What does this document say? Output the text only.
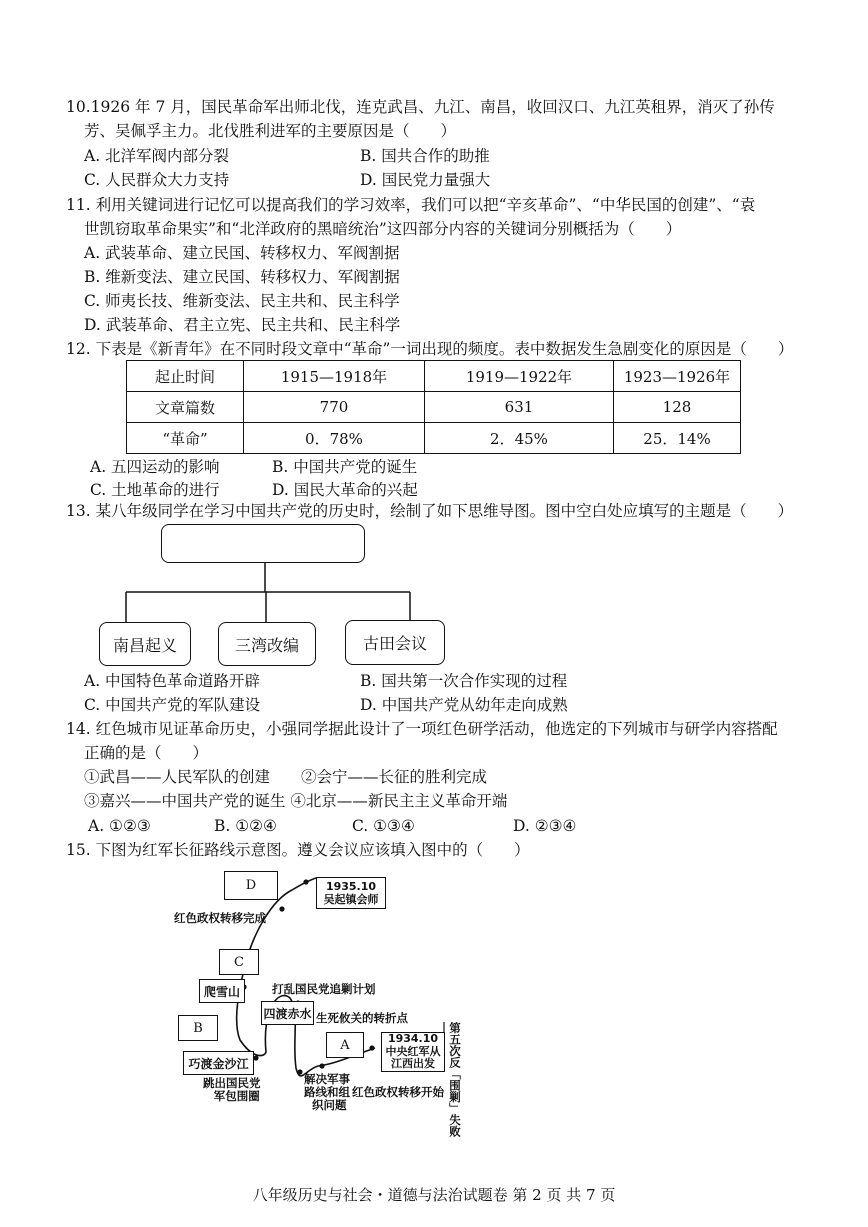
10.1926 年 7 月，国民革命军出师北伐，连克武昌、九江、南昌，收回汉口、九江英租界，消灭了孙传
芳、吴佩孚主力。北伐胜利进军的主要原因是（　　）
A. 北洋军阀内部分裂	B. 国共合作的助推
C. 人民群众大力支持	D. 国民党力量强大
11. 利用关键词进行记忆可以提高我们的学习效率，我们可以把“辛亥革命”、“中华民国的创建”、“袁
世凯窃取革命果实”和“北洋政府的黑暗统治”这四部分内容的关键词分别概括为（　　）
A. 武装革命、建立民国、转移权力、军阀割据
B. 维新变法、建立民国、转移权力、军阀割据
C. 师夷长技、维新变法、民主共和、民主科学
D. 武装革命、君主立宪、民主共和、民主科学
12. 下表是《新青年》在不同时段文章中“革命”一词出现的频度。表中数据发生急剧变化的原因是（　　）
起止时间	1915—1918年	1919—1922年	1923—1926年
文章篇数	770	631	128
“革命”	0．78%	2．45%	25．14%
A. 五四运动的影响	B. 中国共产党的诞生
C. 土地革命的进行	D. 国民大革命的兴起
13. 某八年级同学在学习中国共产党的历史时，绘制了如下思维导图。图中空白处应填写的主题是（　　）
南昌起义	三湾改编	古田会议
A. 中国特色革命道路开辟	B. 国共第一次合作实现的过程
C. 中国共产党的军队建设	D. 中国共产党从幼年走向成熟
14. 红色城市见证革命历史，小强同学据此设计了一项红色研学活动，他选定的下列城市与研学内容搭配
正确的是（　　）
①武昌——人民军队的创建　　②会宁——长征的胜利完成
③嘉兴——中国共产党的诞生 ④北京——新民主主义革命开端
A. ①②③	B. ①②④	C. ①③④	D. ②③④
15. 下图为红军长征路线示意图。遵义会议应该填入图中的（　　）
D	1935.10
吴起镇会师
红色政权转移完成
C
爬雪山	打乱国民党追剿计划
四渡赤水 生死攸关的转折点
B
A	1934.10
中央红军从
江西出发 第五次反「围剿」失败
巧渡金沙江
跳出国民党
军包围圈
解决军事
路线和组
织问题
红色政权转移开始
八年级历史与社会・道德与法治试题卷 第 2 页 共 7 页
